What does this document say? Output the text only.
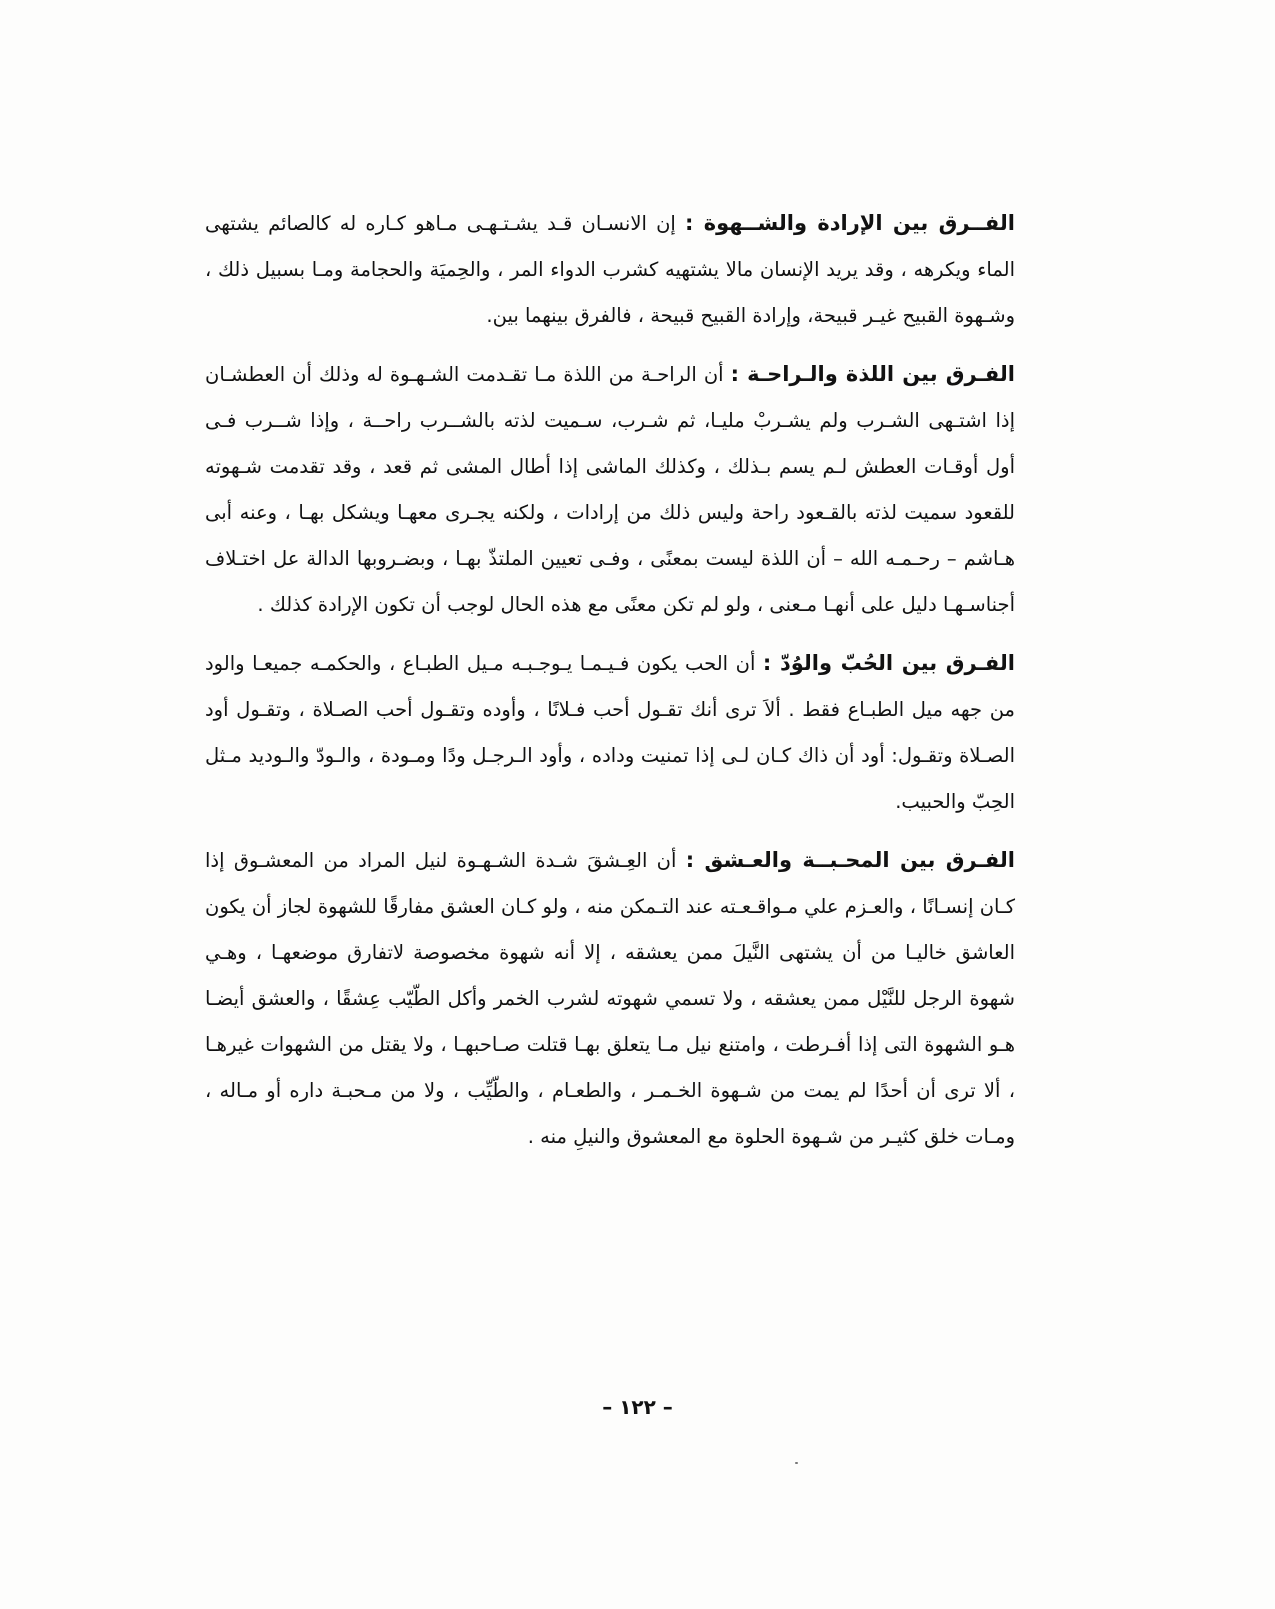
الفــرق بين الإرادة والشــهوة : إن الانسـان قـد يشـتـهـى مـاهو كـاره له كالصائم يشتهى الماء ويكرهه ، وقد يريد الإنسان مالا يشتهيه كشرب الدواء المر ، والحِميَة والحجامة ومـا بسبيل ذلك ، وشـهوة القبيح غيـر قبيحة، وإرادة القبيح قبيحة ، فالفرق بينهما بين.

الفـرق بين اللذة والـراحـة : أن الراحـة من اللذة مـا تقـدمت الشـهـوة له وذلك أن العطشـان إذا اشتـهى الشـرب ولم يشـربْ مليـا، ثم شـرب، سـميت لذته بالشــرب راحــة ، وإذا شــرب فـى أول أوقـات العطش لـم يسم بـذلك ، وكذلك الماشى إذا أطال المشى ثم قعد ، وقد تقدمت شـهوته للقعود سميت لذته بالقـعود راحة وليس ذلك من إرادات ، ولكنه يجـرى معهـا ويشكل بهـا ، وعنه أبى هـاشم – رحـمـه الله – أن اللذة ليست بمعنًى ، وفـى تعيين الملتذّ بهـا ، وبضـروبها الدالة عل اختـلاف أجناسـهـا دليل على أنهـا مـعنى ، ولو لم تكن معنًى مع هذه الحال لوجب أن تكون الإرادة كذلك .

الفـرق بين الحُبّ والوُدّ : أن الحب يكون فـيـمـا يـوجـبـه مـيل الطبـاع ، والحكمـه جميعـا والود من جهه ميل الطبـاع فقط . ألاَ ترى أنك تقـول أحب فـلانًا ، وأوده وتقـول أحب الصـلاة ، وتقـول أود الصـلاة وتقـول: أود أن ذاك كـان لـى إذا تمنيت وداده ، وأود الـرجـل ودًا ومـودة ، والـودّ والـوديد مـثل الحِبّ والحبيب.

الفـرق بين المحـبــة والعـشق : أن العِـشقَ شـدة الشـهـوة لنيل المراد من المعشـوق إذا كـان إنسـانًا ، والعـزم علي مـواقـعـته عند التـمكن منه ، ولو كـان العشق مفارقًا للشهوة لجاز أن يكون العاشق خاليـا من أن يشتهى النَّيلَ ممن يعشقه ، إلا أنه شهوة مخصوصة لاتفارق موضعهـا ، وهـي شهوة الرجل للنَّيْل ممن يعشقه ، ولا تسمي شهوته لشرب الخمر وأكل الطّيّب عِشقًا ، والعشق أيضـا هـو الشهوة التى إذا أفـرطت ، وامتنع نيل مـا يتعلق بهـا قتلت صـاحبهـا ، ولا يقتل من الشهوات غيرهـا ، ألا ترى أن أحدًا لم يمت من شـهوة الخـمـر ، والطعـام ، والطّيِّب ، ولا من مـحبـة داره أو مـاله ، ومـات خلق كثيـر من شـهوة الحلوة مع المعشوق والنيلِ منه .

– ١٢٢ –
